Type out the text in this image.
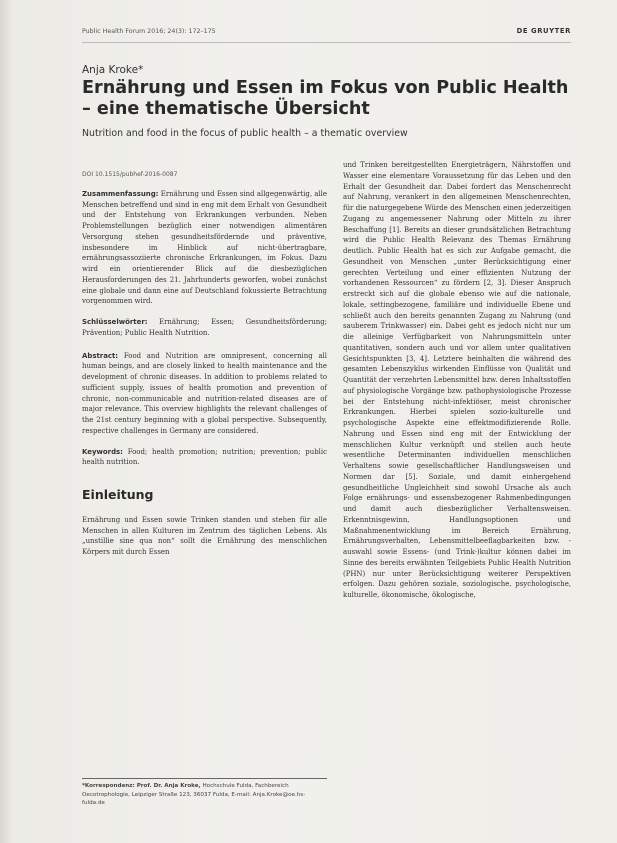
Public Health Forum 2016; 24(3): 172–175	DE GRUYTER
Anja Kroke*
Ernährung und Essen im Fokus von Public Health – eine thematische Übersicht
Nutrition and food in the focus of public health – a thematic overview
DOI 10.1515/pubhef-2016-0087

Zusammenfassung: Ernährung und Essen sind allgegenwärtig, alle Menschen betreffend und sind in eng mit dem Erhalt von Gesundheit und der Entstehung von Erkrankungen verbunden. Neben Problemstellungen bezüglich einer notwendigen alimentären Versorgung stehen gesundheitsfördernde und präventive, insbesondere im Hinblick auf nicht-übertragbare, ernährungsassoziierte chronische Erkrankungen, im Fokus. Dazu wird ein orientierender Blick auf die diesbezüglichen Herausforderungen des 21. Jahrhunderts geworfen, wobei zunächst eine globale und dann eine auf Deutschland fokussierte Betrachtung vorgenommen wird.

Schlüsselwörter: Ernährung; Essen; Gesundheitsförderung; Prävention; Public Health Nutrition.

Abstract: Food and Nutrition are omnipresent, concerning all human beings, and are closely linked to health maintenance and the development of chronic diseases. In addition to problems related to sufficient supply, issues of health promotion and prevention of chronic, non-communicable and nutrition-related diseases are of major relevance. This overview highlights the relevant challenges of the 21st century beginning with a global perspective. Subsequently, respective challenges in Germany are considered.

Keywords: Food; health promotion; nutrition; prevention; public health nutrition.

Einleitung

Ernährung und Essen sowie Trinken standen und stehen für alle Menschen in allen Kulturen im Zentrum des täglichen Lebens. Als „unstillie sine qua non“ sollt die Ernährung des menschlichen Körpers mit durch Essen

und Trinken bereitgestellten Energieträgern, Nährstoffen und Wasser eine elementare Voraussetzung für das Leben und den Erhalt der Gesundheit dar. Dabei fordert das Menschenrecht auf Nahrung, verankert in den allgemeinen Menschenrechten, für die naturgegebene Würde des Menschen einen jederzeitigen Zugang zu angemessener Nahrung oder Mitteln zu ihrer Beschaffung [1]. Bereits an dieser grundsätzlichen Betrachtung wird die Public Health Relevanz des Themas Ernährung deutlich. Public Health hat es sich zur Aufgabe gemacht, die Gesundheit von Menschen „unter Berücksichtigung einer gerechten Verteilung und einer effizienten Nutzung der vorhandenen Ressourcen“ zu fördern [2, 3]. Dieser Anspruch erstreckt sich auf die globale ebenso wie auf die nationale, lokale, settingbezogene, familiäre und individuelle Ebene und schließt auch den bereits genannten Zugang zu Nahrung (und sauberem Trinkwasser) ein. Dabei geht es jedoch nicht nur um die alleinige Verfügbarkeit von Nahrungsmitteln unter quantitativen, sondern auch und vor allem unter qualitativen Gesichtspunkten [3, 4]. Letztere beinhalten die während des gesamten Lebenszyklus wirkenden Einflüsse von Qualität und Quantität der verzehrten Lebensmittel bzw. deren Inhaltsstoffen auf physiologische Vorgänge bzw. pathophysiologische Prozesse bei der Entstehung nicht-infektiöser, meist chronischer Erkrankungen. Hierbei spielen sozio-kulturelle und psychologische Aspekte eine effektmodifizierende Rolle. Nahrung und Essen sind eng mit der Entwicklung der menschlichen Kultur verknüpft und stellen auch heute wesentliche Determinanten individuellen menschlichen Verhaltens sowie gesellschaftlicher Handlungsweisen und Normen dar [5]. Soziale, und damit einhergehend gesundheitliche Ungleichheit sind sowohl Ursache als auch Folge ernährungs- und essensbezogener Rahmenbedingungen und damit auch diesbezüglicher Verhaltensweisen. Erkenntnisgewinn, Handlungsoptionen und Maßnahmenentwicklung im Bereich Ernährung, Ernährungsverhalten, Lebensmittelbeeflagbarkeiten bzw. -auswahl sowie Essens- (und Trink-)kultur können dabei im Sinne des bereits erwähnten Teilgebiets Public Health Nutrition (PHN) nur unter Berücksichtigung weiterer Perspektiven erfolgen. Dazu gehören soziale, soziologische, psychologische, kulturelle, ökonomische, ökologische,

*Korrespondenz: Prof. Dr. Anja Kroke, Hochschule Fulda, Fachbereich Oecotrophologie, Leipziger Straße 123, 36037 Fulda, E-mail: Anja.Kroke@oe.hs-fulda.de
